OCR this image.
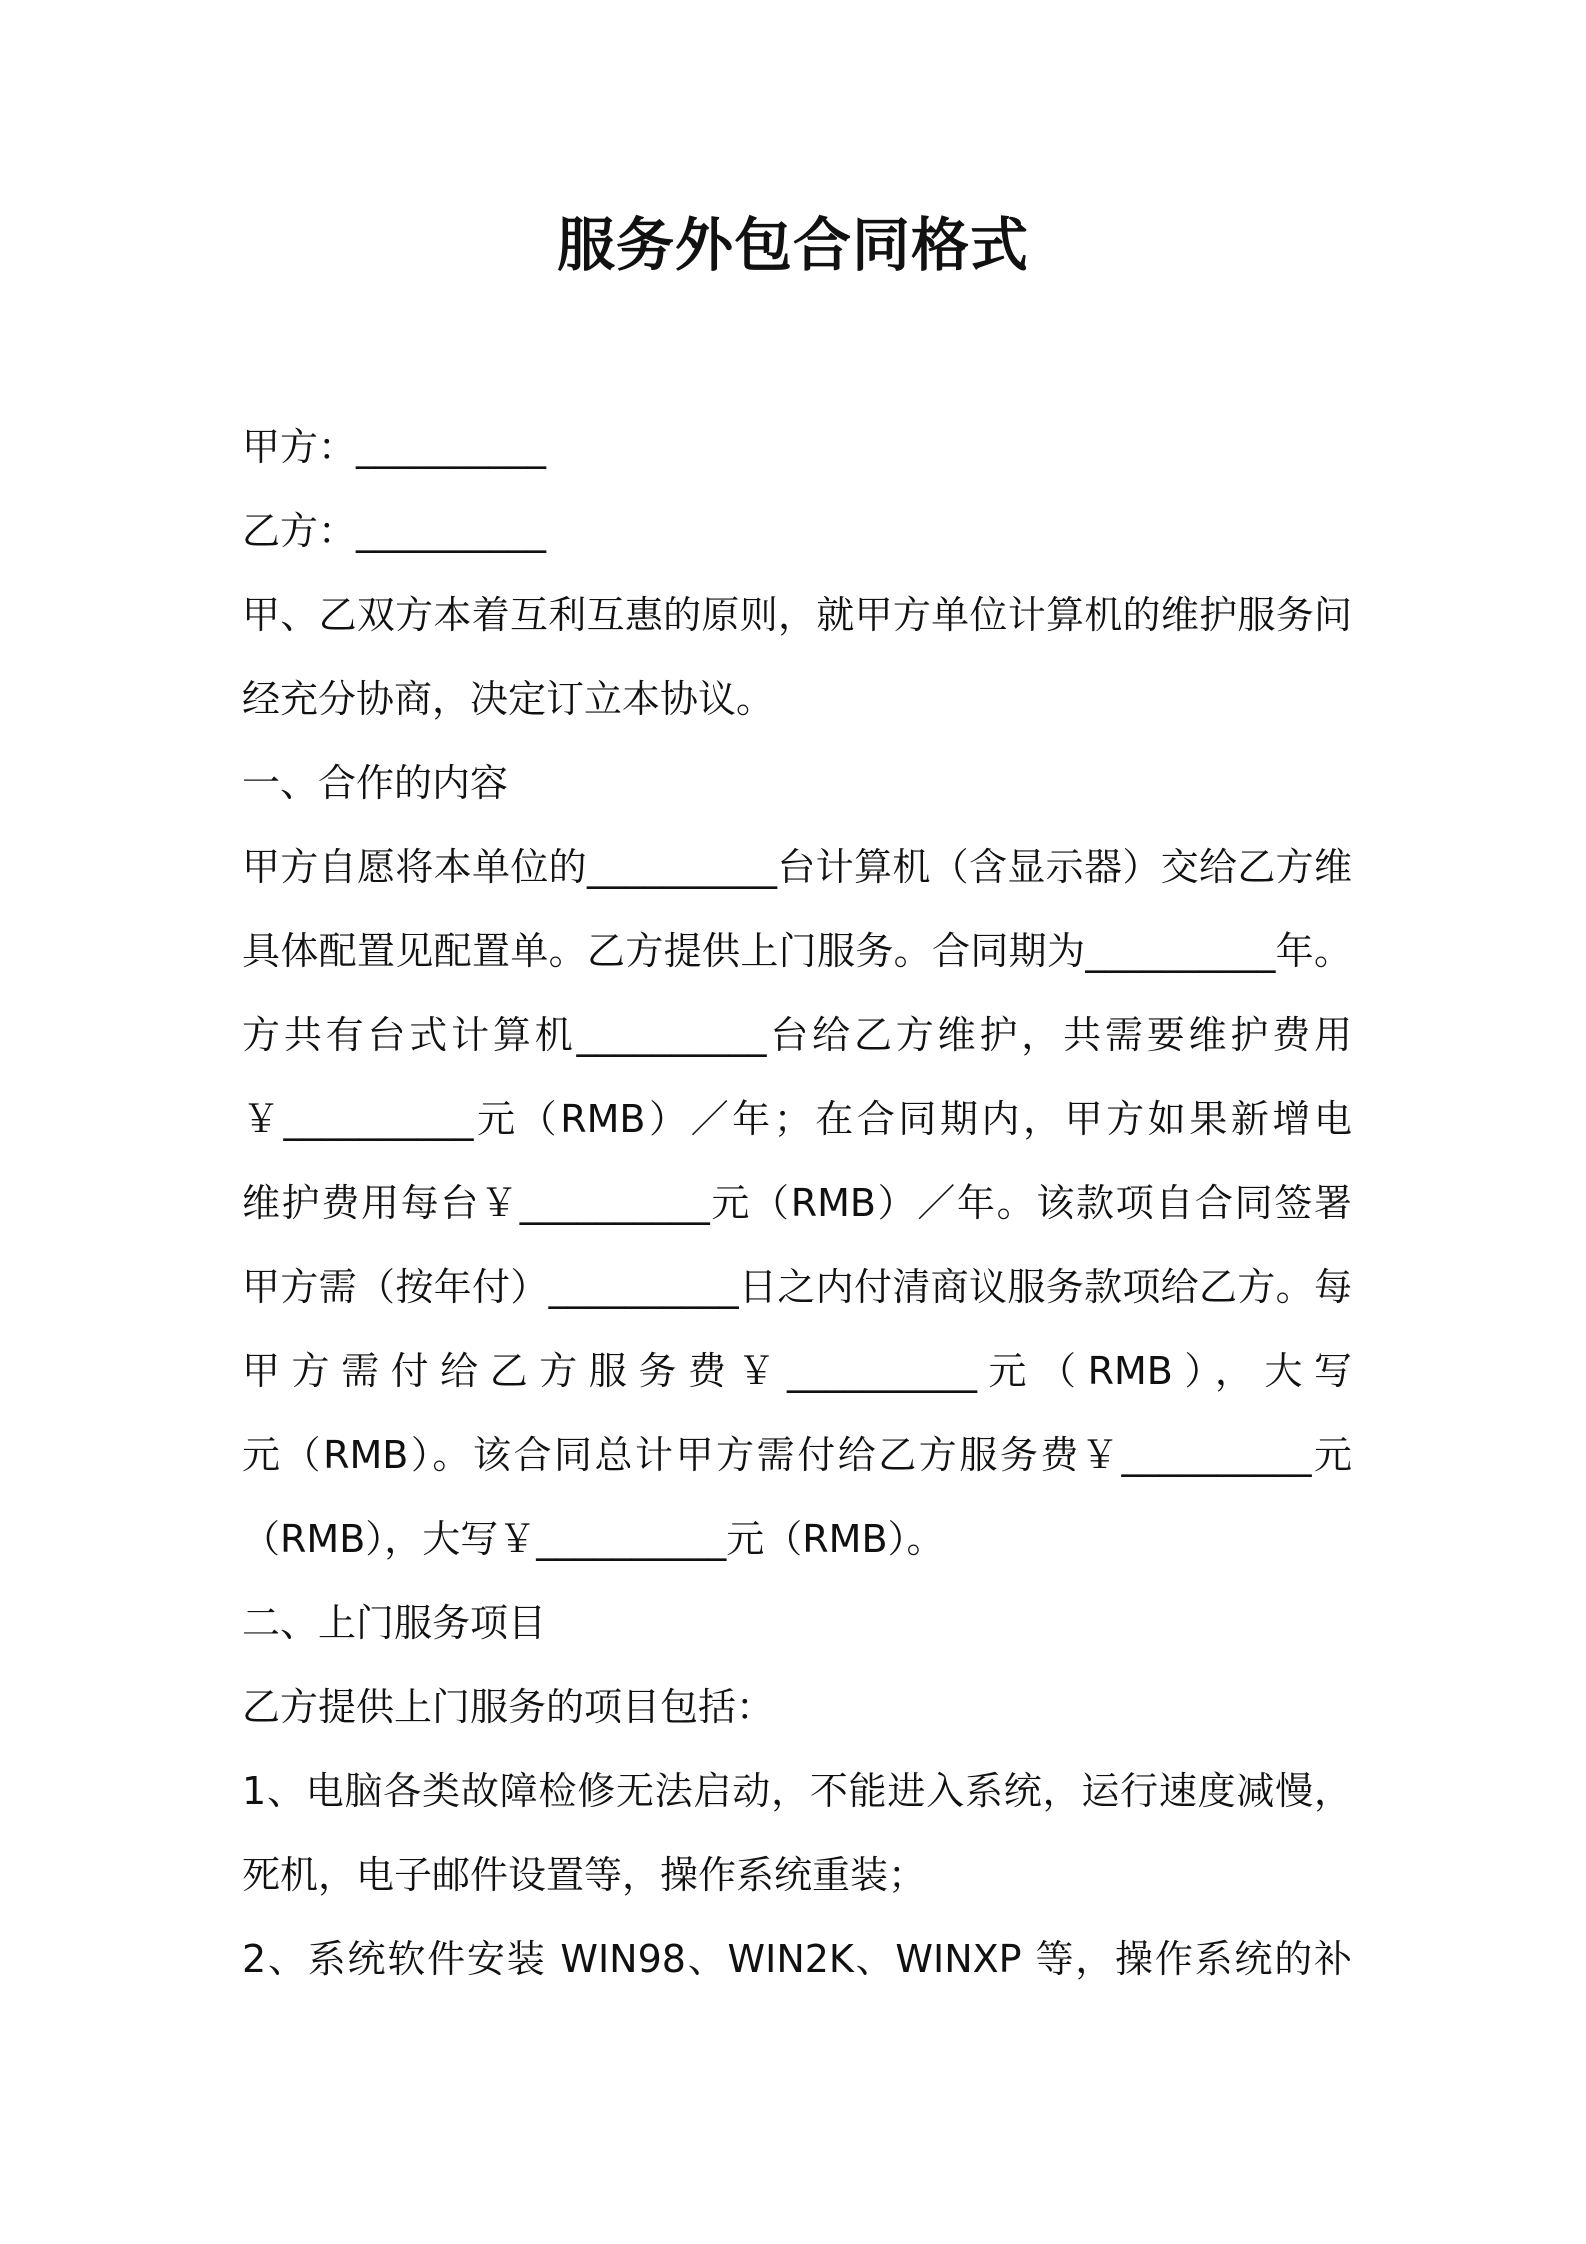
服务外包合同格式
甲方：__________
乙方：__________
甲、乙双方本着互利互惠的原则，就甲方单位计算机的维护服务问
经充分协商，决定订立本协议。
一、合作的内容
甲方自愿将本单位的__________台计算机（含显示器）交给乙方维
具体配置见配置单。乙方提供上门服务。合同期为__________年。
方共有台式计算机__________台给乙方维护，共需要维护费用
￥__________元（RMB）／年；在合同期内，甲方如果新增电
维护费用每台￥__________元（RMB）／年。该款项自合同签署
甲方需（按年付）__________日之内付清商议服务款项给乙方。每
甲方需付给乙方服务费￥__________元（RMB），大写
元（RMB）。该合同总计甲方需付给乙方服务费￥__________元
（RMB），大写￥__________元（RMB）。
二、上门服务项目
乙方提供上门服务的项目包括：
1、电脑各类故障检修无法启动，不能进入系统，运行速度减慢，
死机，电子邮件设置等，操作系统重装；
2、系统软件安装 WIN98、WIN2K、WINXP 等，操作系统的补
